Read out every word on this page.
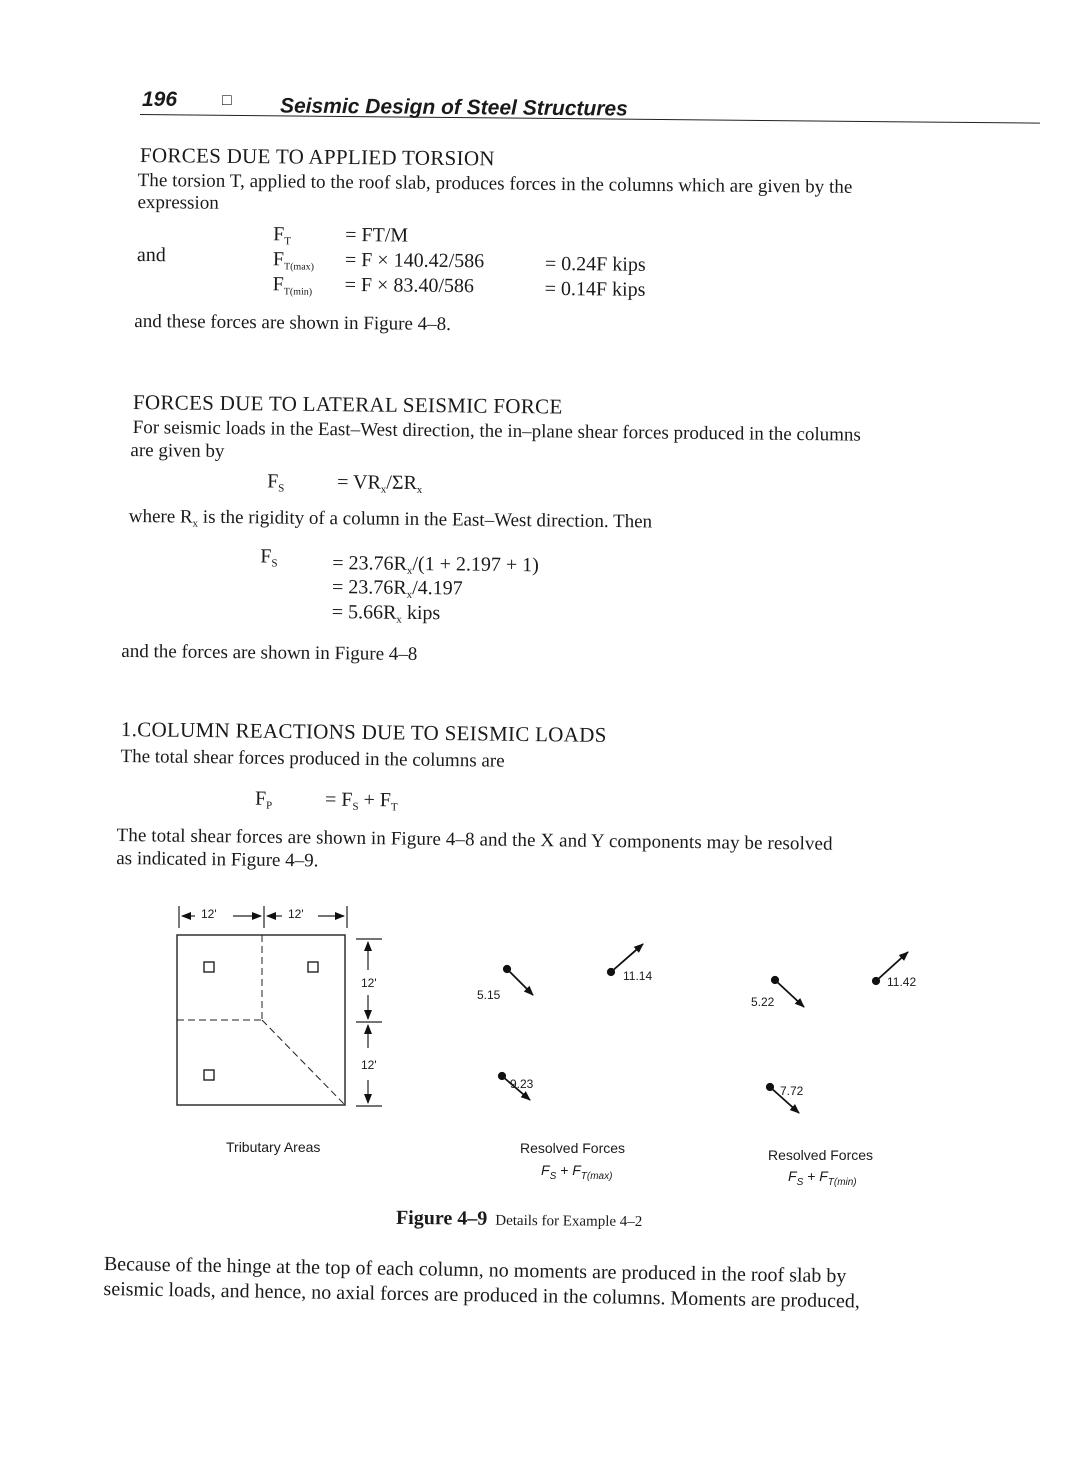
196	□ Seismic Design of Steel Structures
FORCES DUE TO APPLIED TORSION
The torsion T, applied to the roof slab, produces forces in the columns which are given by the
expression
$F_T$	= FT/M
and	$F_{T(max)} = F \times 140.42/586$	= 0.24F kips
$F_{T(min)} = F \times 83.40/586$	= 0.14F kips
and these forces are shown in Figure 4–8.
FORCES DUE TO LATERAL SEISMIC FORCE
For seismic loads in the East–West direction, the in–plane shear forces produced in the columns
are given by
$F_S$	= $VR_x/\Sigma R_x$
where $R_x$ is the rigidity of a column in the East–West direction. Then
$F_S$	= $23.76R_x/(1 + 2.197 + 1)$
= $23.76R_x/4.197$
= $5.66R_x$ kips
and the forces are shown in Figure 4–8
1.COLUMN REACTIONS DUE TO SEISMIC LOADS
The total shear forces produced in the columns are
$F_P$	= $F_S + F_T$
The total shear forces are shown in Figure 4–8 and the X and Y components may be resolved
as indicated in Figure 4–9.
12'	12'
12'
12'
Tributary Areas
5.15
11.14
9.23
5.22
11.42
7.72
Resolved Forces
$F_S + F_{T(max)}$
Resolved Forces
$F_S + F_{T(min)}$
Figure 4–9 Details for Example 4–2
Because of the hinge at the top of each column, no moments are produced in the roof slab by
seismic loads, and hence, no axial forces are produced in the columns. Moments are produced,
